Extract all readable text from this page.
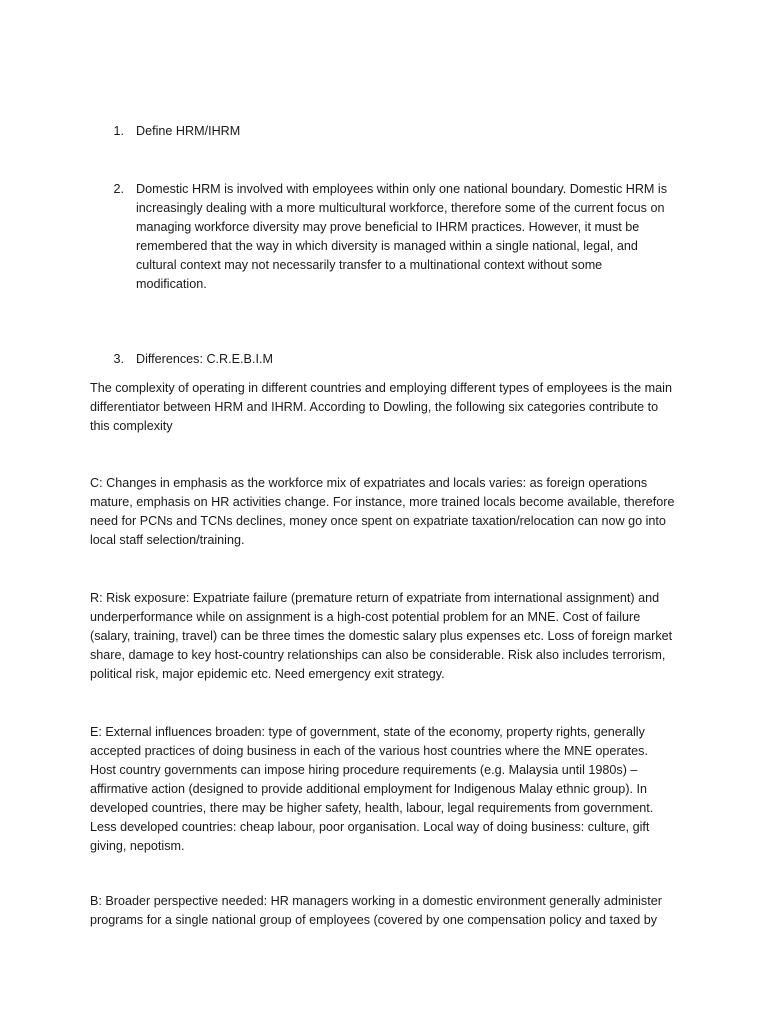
1. Define HRM/IHRM
2. Domestic HRM is involved with employees within only one national boundary. Domestic HRM is increasingly dealing with a more multicultural workforce, therefore some of the current focus on managing workforce diversity may prove beneficial to IHRM practices. However, it must be remembered that the way in which diversity is managed within a single national, legal, and cultural context may not necessarily transfer to a multinational context without some modification.
3. Differences: C.R.E.B.I.M

The complexity of operating in different countries and employing different types of employees is the main differentiator between HRM and IHRM. According to Dowling, the following six categories contribute to this complexity

C: Changes in emphasis as the workforce mix of expatriates and locals varies: as foreign operations mature, emphasis on HR activities change. For instance, more trained locals become available, therefore need for PCNs and TCNs declines, money once spent on expatriate taxation/relocation can now go into local staff selection/training.

R: Risk exposure: Expatriate failure (premature return of expatriate from international assignment) and underperformance while on assignment is a high-cost potential problem for an MNE. Cost of failure (salary, training, travel) can be three times the domestic salary plus expenses etc. Loss of foreign market share, damage to key host-country relationships can also be considerable. Risk also includes terrorism, political risk, major epidemic etc. Need emergency exit strategy.

E: External influences broaden: type of government, state of the economy, property rights, generally accepted practices of doing business in each of the various host countries where the MNE operates. Host country governments can impose hiring procedure requirements (e.g. Malaysia until 1980s) – affirmative action (designed to provide additional employment for Indigenous Malay ethnic group). In developed countries, there may be higher safety, health, labour, legal requirements from government. Less developed countries: cheap labour, poor organisation. Local way of doing business: culture, gift giving, nepotism.

B: Broader perspective needed: HR managers working in a domestic environment generally administer programs for a single national group of employees (covered by one compensation policy and taxed by
